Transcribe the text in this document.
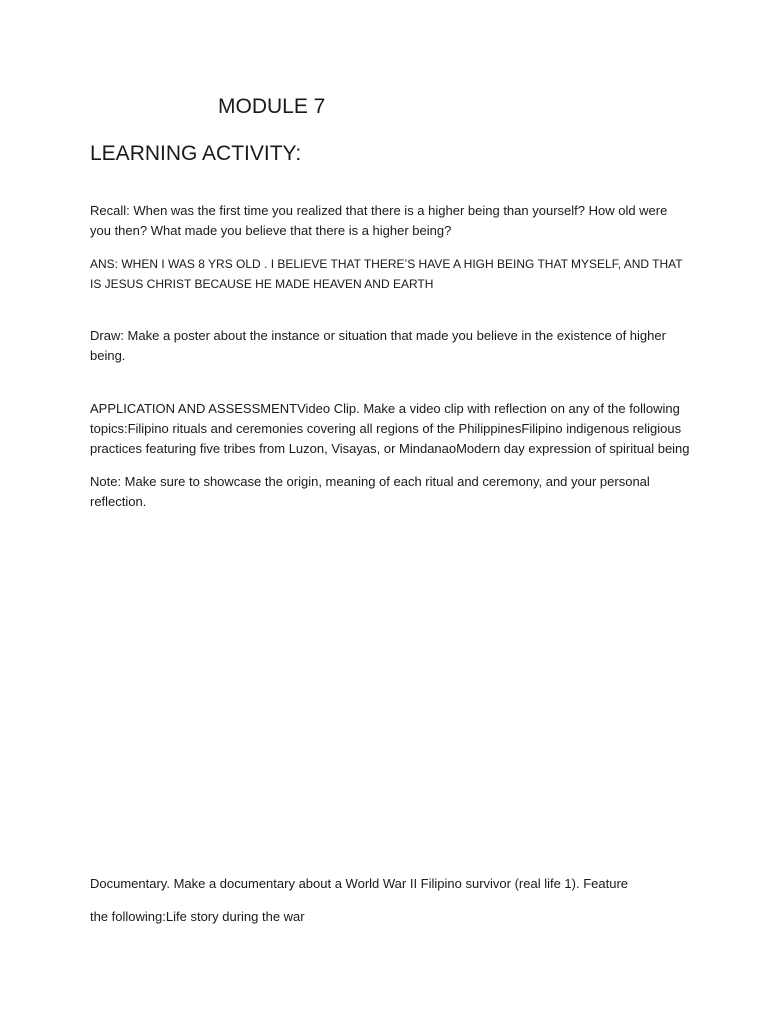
MODULE 7
LEARNING ACTIVITY:

Recall: When was the first time you realized that there is a higher being than yourself? How old were you then? What made you believe that there is a higher being?

ANS: WHEN I WAS 8 YRS OLD . I BELIEVE THAT THERE’S HAVE A HIGH BEING THAT MYSELF, AND THAT IS JESUS CHRIST BECAUSE HE MADE HEAVEN AND EARTH

Draw: Make a poster about the instance or situation that made you believe in the existence of higher being.

APPLICATION AND ASSESSMENTVideo Clip. Make a video clip with reflection on any of the following topics:Filipino rituals and ceremonies covering all regions of the PhilippinesFilipino indigenous religious practices featuring five tribes from Luzon, Visayas, or MindanaoModern day expression of spiritual being

Note: Make sure to showcase the origin, meaning of each ritual and ceremony, and your personal reflection.

Documentary. Make a documentary about a World War II Filipino survivor (real life 1). Feature

the following:Life story during the war
